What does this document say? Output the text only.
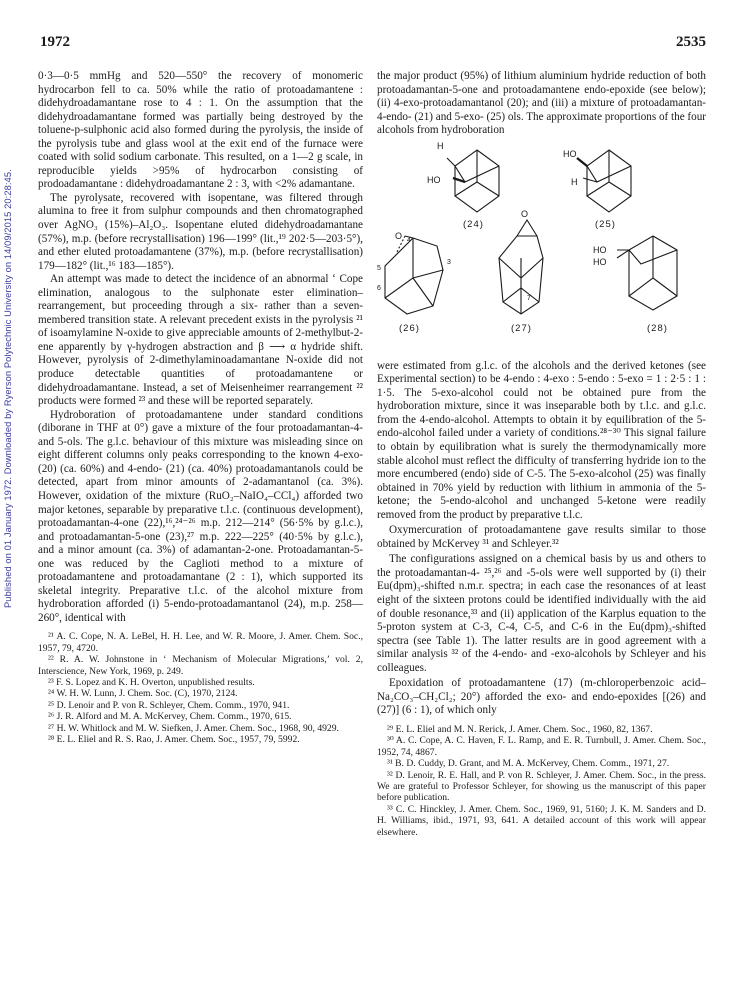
1972	2535
Published on 01 January 1972. Downloaded by Ryerson Polytechnic University on 14/09/2015 20:28:45.

0·3—0·5 mmHg and 520—550° the recovery of monomeric hydrocarbon fell to ca. 50% while the ratio of protoadamantene : didehydroadamantane rose to 4 : 1. On the assumption that the didehydroadamantane formed was partially being destroyed by the toluene-p-sulphonic acid also formed during the pyrolysis, the inside of the pyrolysis tube and glass wool at the exit end of the furnace were coated with solid sodium carbonate. This resulted, on a 1—2 g scale, in reproducible yields >95% of hydrocarbon consisting of prodoadamantane : didehydroadamantane 2 : 3, with <2% adamantane.

The pyrolysate, recovered with isopentane, was filtered through alumina to free it from sulphur compounds and then chromatographed over AgNO₃ (15%)–Al₂O₃. Isopentane eluted didehydroadamantane (57%), m.p. (before recrystallisation) 196—199° (lit.,¹⁹ 202·5—203·5°), and ether eluted protoadamantene (37%), m.p. (before recrystallisation) 179—182° (lit.,¹⁶ 183—185°).

An attempt was made to detect the incidence of an abnormal ‘ Cope elimination, analogous to the sulphonate ester elimination–rearrangement, but proceeding through a six- rather than a seven-membered transition state. A relevant precedent exists in the pyrolysis ²¹ of isoamylamine N-oxide to give appreciable amounts of 2-methylbut-2-ene apparently by γ-hydrogen abstraction and β ⟶ α hydride shift. However, pyrolysis of 2-dimethylaminoadamantane N-oxide did not produce detectable quantities of protoadamantene or didehydroadamantane. Instead, a set of Meisenheimer rearrangement ²² products were formed ²³ and these will be reported separately.

Hydroboration of protoadamantene under standard conditions (diborane in THF at 0°) gave a mixture of the four protoadamantan-4- and 5-ols. The g.l.c. behaviour of this mixture was misleading since on eight different columns only peaks corresponding to the known 4-exo- (20) (ca. 60%) and 4-endo- (21) (ca. 40%) protoadamantanols could be detected, apart from minor amounts of 2-adamantanol (ca. 3%). However, oxidation of the mixture (RuO₂–NaIO₄–CCl₄) afforded two major ketones, separable by preparative t.l.c. (continuous development), protoadamantan-4-one (22),¹⁶,²⁴⁻²⁶ m.p. 212—214° (56·5% by g.l.c.), and protoadamantan-5-one (23),²⁷ m.p. 222—225° (40·5% by g.l.c.), and a minor amount (ca. 3%) of adamantan-2-one. Protoadamantan-5-one was reduced by the Caglioti method to a mixture of protoadamantene and protoadamantane (2 : 1), which supported its skeletal integrity. Preparative t.l.c. of the alcohol mixture from hydroboration afforded (i) 5-endo-protoadamantanol (24), m.p. 258—260°, identical with

²¹ A. C. Cope, N. A. LeBel, H. H. Lee, and W. R. Moore, J. Amer. Chem. Soc., 1957, 79, 4720.

²² R. A. W. Johnstone in ‘ Mechanism of Molecular Migrations,’ vol. 2, Interscience, New York, 1969, p. 249.

²³ F. S. Lopez and K. H. Overton, unpublished results.

²⁴ W. H. W. Lunn, J. Chem. Soc. (C), 1970, 2124.

²⁵ D. Lenoir and P. von R. Schleyer, Chem. Comm., 1970, 941.

²⁶ J. R. Alford and M. A. McKervey, Chem. Comm., 1970, 615.

²⁷ H. W. Whitlock and M. W. Siefken, J. Amer. Chem. Soc., 1968, 90, 4929.

²⁸ E. L. Eliel and R. S. Rao, J. Amer. Chem. Soc., 1957, 79, 5992.

the major product (95%) of lithium aluminium hydride reduction of both protoadamantan-5-one and protoadamantene endo-epoxide (see below); (ii) 4-exo-protoadamantanol (20); and (iii) a mixture of protoadamantan-4-endo- (21) and 5-exo- (25) ols. The approximate proportions of the four alcohols from hydroboration

H
HO
HO
H
(24)	(25)
O 4
3
5
6
O
7
HO
HO
(26)	(27)	(28)

were estimated from g.l.c. of the alcohols and the derived ketones (see Experimental section) to be 4-endo : 4-exo : 5-endo : 5-exo = 1 : 2·5 : 1 : 1·5. The 5-exo-alcohol could not be obtained pure from the hydroboration mixture, since it was inseparable both by t.l.c. and g.l.c. from the 4-endo-alcohol. Attempts to obtain it by equilibration of the 5-endo-alcohol failed under a variety of conditions.²⁸⁻³⁰ This signal failure to obtain by equilibration what is surely the thermodynamically more stable alcohol must reflect the difficulty of transferring hydride ion to the more encumbered (endo) side of C-5. The 5-exo-alcohol (25) was finally obtained in 70% yield by reduction with lithium in ammonia of the 5-ketone; the 5-endo-alcohol and unchanged 5-ketone were readily removed from the product by preparative t.l.c.

Oxymercuration of protoadamantene gave results similar to those obtained by McKervey ³¹ and Schleyer.³²

The configurations assigned on a chemical basis by us and others to the protoadamantan-4- ²⁵,²⁶ and -5-ols were well supported by (i) their Eu(dpm)₃-shifted n.m.r. spectra; in each case the resonances of at least eight of the sixteen protons could be identified individually with the aid of double resonance,³³ and (ii) application of the Karplus equation to the 5-proton system at C-3, C-4, C-5, and C-6 in the Eu(dpm)₃-shifted spectra (see Table 1). The latter results are in good agreement with a similar analysis ³² of the 4-endo- and -exo-alcohols by Schleyer and his colleagues.

Epoxidation of protoadamantene (17) (m-chloroperbenzoic acid–Na₂CO₃–CH₂Cl₂; 20°) afforded the exo- and endo-epoxides [(26) and (27)] (6 : 1), of which only

²⁹ E. L. Eliel and M. N. Rerick, J. Amer. Chem. Soc., 1960, 82, 1367.

³⁰ A. C. Cope, A. C. Haven, F. L. Ramp, and E. R. Turnbull, J. Amer. Chem. Soc., 1952, 74, 4867.

³¹ B. D. Cuddy, D. Grant, and M. A. McKervey, Chem. Comm., 1971, 27.

³² D. Lenoir, R. E. Hall, and P. von R. Schleyer, J. Amer. Chem. Soc., in the press. We are grateful to Professor Schleyer, for showing us the manuscript of this paper before publication.

³³ C. C. Hinckley, J. Amer. Chem. Soc., 1969, 91, 5160; J. K. M. Sanders and D. H. Williams, ibid., 1971, 93, 641. A detailed account of this work will appear elsewhere.
